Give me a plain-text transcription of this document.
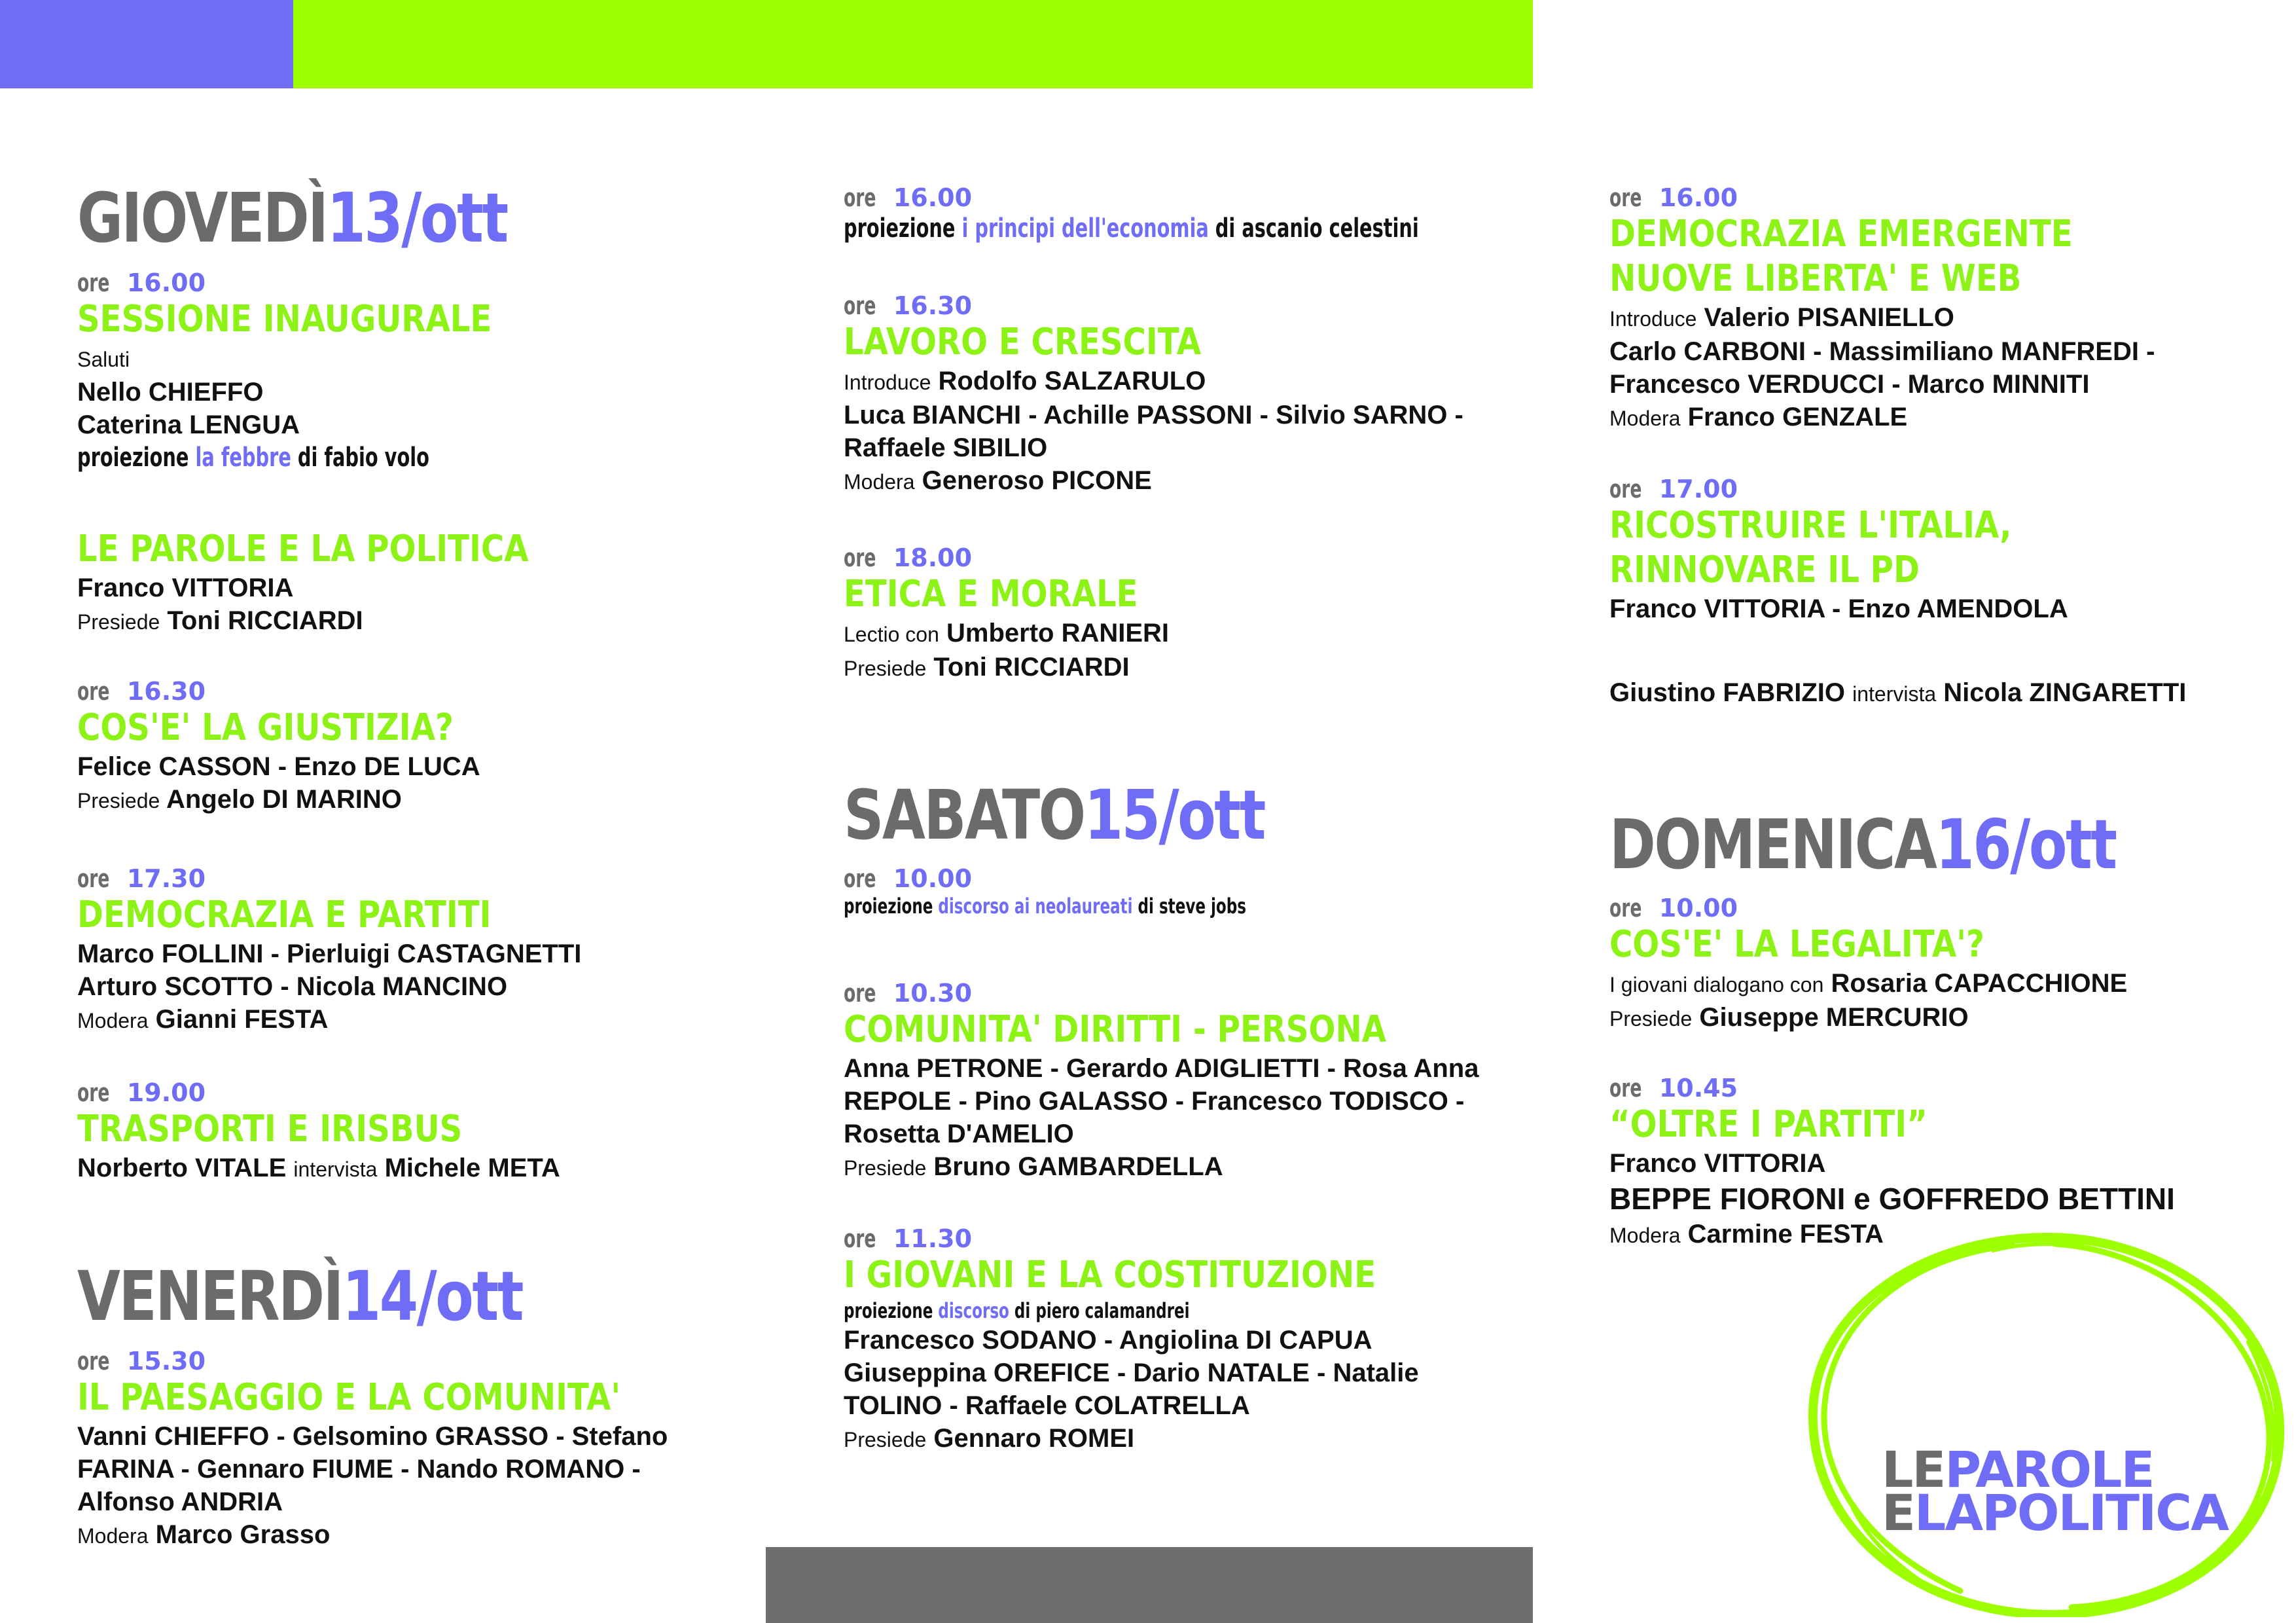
GIOVEDÌ13/ott
ore 16.00
SESSIONE INAUGURALE
Saluti
Nello CHIEFFO
Caterina LENGUA
proiezione la febbre di fabio volo
LE PAROLE E LA POLITICA
Franco VITTORIA
Presiede Toni RICCIARDI
ore 16.30
COS'E' LA GIUSTIZIA?
Felice CASSON - Enzo DE LUCA
Presiede Angelo DI MARINO
ore 17.30
DEMOCRAZIA E PARTITI
Marco FOLLINI - Pierluigi CASTAGNETTI
Arturo SCOTTO - Nicola MANCINO
Modera Gianni FESTA
ore 19.00
TRASPORTI E IRISBUS
Norberto VITALE intervista Michele META
VENERDÌ14/ott
ore 15.30
IL PAESAGGIO E LA COMUNITA'
Vanni CHIEFFO - Gelsomino GRASSO - Stefano
FARINA - Gennaro FIUME - Nando ROMANO -
Alfonso ANDRIA
Modera Marco Grasso
ore 16.00
proiezione i principi dell'economia di ascanio celestini
ore 16.30
LAVORO E CRESCITA
Introduce Rodolfo SALZARULO
Luca BIANCHI - Achille PASSONI - Silvio SARNO -
Raffaele SIBILIO
Modera Generoso PICONE
ore 18.00
ETICA E MORALE
Lectio con Umberto RANIERI
Presiede Toni RICCIARDI
SABATO15/ott
ore 10.00
proiezione discorso ai neolaureati di steve jobs
ore 10.30
COMUNITA' DIRITTI - PERSONA
Anna PETRONE - Gerardo ADIGLIETTI - Rosa Anna
REPOLE - Pino GALASSO - Francesco TODISCO -
Rosetta D'AMELIO
Presiede Bruno GAMBARDELLA
ore 11.30
I GIOVANI E LA COSTITUZIONE
proiezione discorso di piero calamandrei
Francesco SODANO - Angiolina DI CAPUA
Giuseppina OREFICE - Dario NATALE - Natalie
TOLINO - Raffaele COLATRELLA
Presiede Gennaro ROMEI
ore 16.00
DEMOCRAZIA EMERGENTE
NUOVE LIBERTA' E WEB
Introduce Valerio PISANIELLO
Carlo CARBONI - Massimiliano MANFREDI -
Francesco VERDUCCI - Marco MINNITI
Modera Franco GENZALE
ore 17.00
RICOSTRUIRE L'ITALIA,
RINNOVARE IL PD
Franco VITTORIA - Enzo AMENDOLA
Giustino FABRIZIO intervista Nicola ZINGARETTI
DOMENICA16/ott
ore 10.00
COS'E' LA LEGALITA'?
I giovani dialogano con Rosaria CAPACCHIONE
Presiede Giuseppe MERCURIO
ore 10.45
“OLTRE I PARTITI”
Franco VITTORIA
BEPPE FIORONI e GOFFREDO BETTINI
Modera Carmine FESTA
LEPAROLE
ELAPOLITICA
